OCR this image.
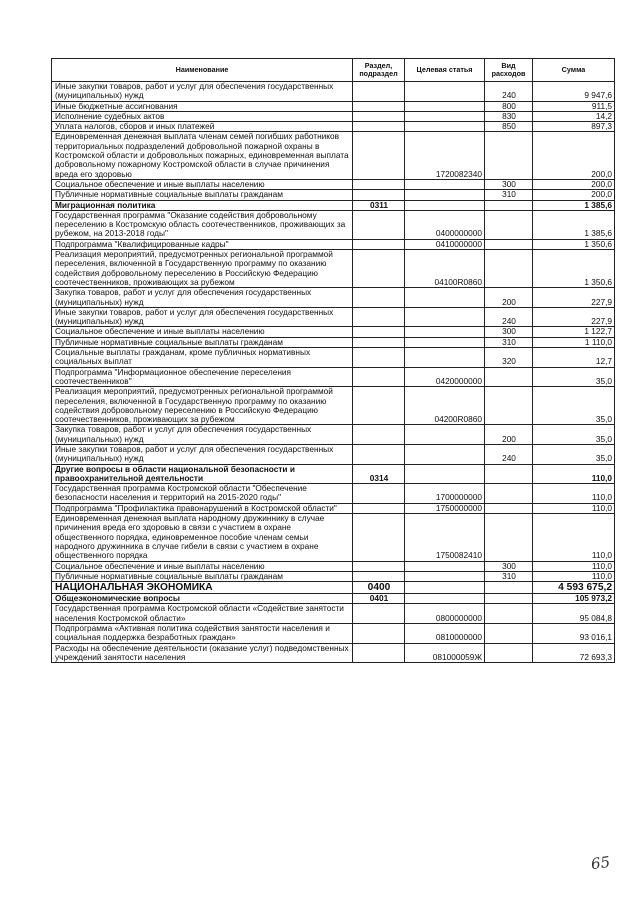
Наименование	Раздел, подраздел	Целевая статья	Вид расходов	Сумма
Иные закупки товаров, работ и услуг для обеспечения государственных (муниципальных) нужд			240	9 947,6
Иные бюджетные ассигнования			800	911,5
Исполнение судебных актов			830	14,2
Уплата налогов, сборов и иных платежей			850	897,3
Единовременная денежная выплата членам семей погибших работников территориальных подразделений добровольной пожарной охраны в Костромской области и добровольных пожарных, единовременная выплата добровольному пожарному Костромской области в случае причинения вреда его здоровью		1720082340		200,0
Социальное обеспечение и иные выплаты населению			300	200,0
Публичные нормативные социальные выплаты гражданам			310	200,0
Миграционная политика	0311			1 385,6
Государственная программа "Оказание содействия добровольному переселению в Костромскую область соотечественников, проживающих за рубежом, на 2013-2018 годы"		0400000000		1 385,6
Подпрограмма "Квалифицированные кадры"		0410000000		1 350,6
Реализация мероприятий, предусмотренных региональной программой переселения, включенной в Государственную программу по оказанию содействия добровольному переселению в Российскую Федерацию соотечественников, проживающих за рубежом		04100R0860		1 350,6
Закупка товаров, работ и услуг для обеспечения государственных (муниципальных) нужд			200	227,9
Иные закупки товаров, работ и услуг для обеспечения государственных (муниципальных) нужд			240	227,9
Социальное обеспечение и иные выплаты населению			300	1 122,7
Публичные нормативные социальные выплаты гражданам			310	1 110,0
Социальные выплаты гражданам, кроме публичных нормативных социальных выплат			320	12,7
Подпрограмма "Информационное обеспечение переселения соотечественников"		0420000000		35,0
Реализация мероприятий, предусмотренных региональной программой переселения, включенной в Государственную программу по оказанию содействия добровольному переселению в Российскую Федерацию соотечественников, проживающих за рубежом		04200R0860		35,0
Закупка товаров, работ и услуг для обеспечения государственных (муниципальных) нужд			200	35,0
Иные закупки товаров, работ и услуг для обеспечения государственных (муниципальных) нужд			240	35,0
Другие вопросы в области национальной безопасности и правоохранительной деятельности	0314			110,0
Государственная программа Костромской области "Обеспечение безопасности населения и территорий на 2015-2020 годы"		1700000000		110,0
Подпрограмма "Профилактика правонарушений в Костромской области"		1750000000		110,0
Единовременная денежная выплата народному дружиннику в случае причинения вреда его здоровью в связи с участием в охране общественного порядка, единовременное пособие членам семьи народного дружинника в случае гибели в связи с участием в охране общественного порядка		1750082410		110,0
Социальное обеспечение и иные выплаты населению			300	110,0
Публичные нормативные социальные выплаты гражданам			310	110,0
НАЦИОНАЛЬНАЯ ЭКОНОМИКА	0400			4 593 675,2
Общеэкономические вопросы	0401			105 973,2
Государственная программа Костромской области «Содействие занятости населения Костромской области»		0800000000		95 084,8
Подпрограмма «Активная политика содействия занятости населения и социальная поддержка безработных граждан»		0810000000		93 016,1
Расходы на обеспечение деятельности (оказание услуг) подведомственных учреждений занятости населения		081000059Ж		72 693,3
65
